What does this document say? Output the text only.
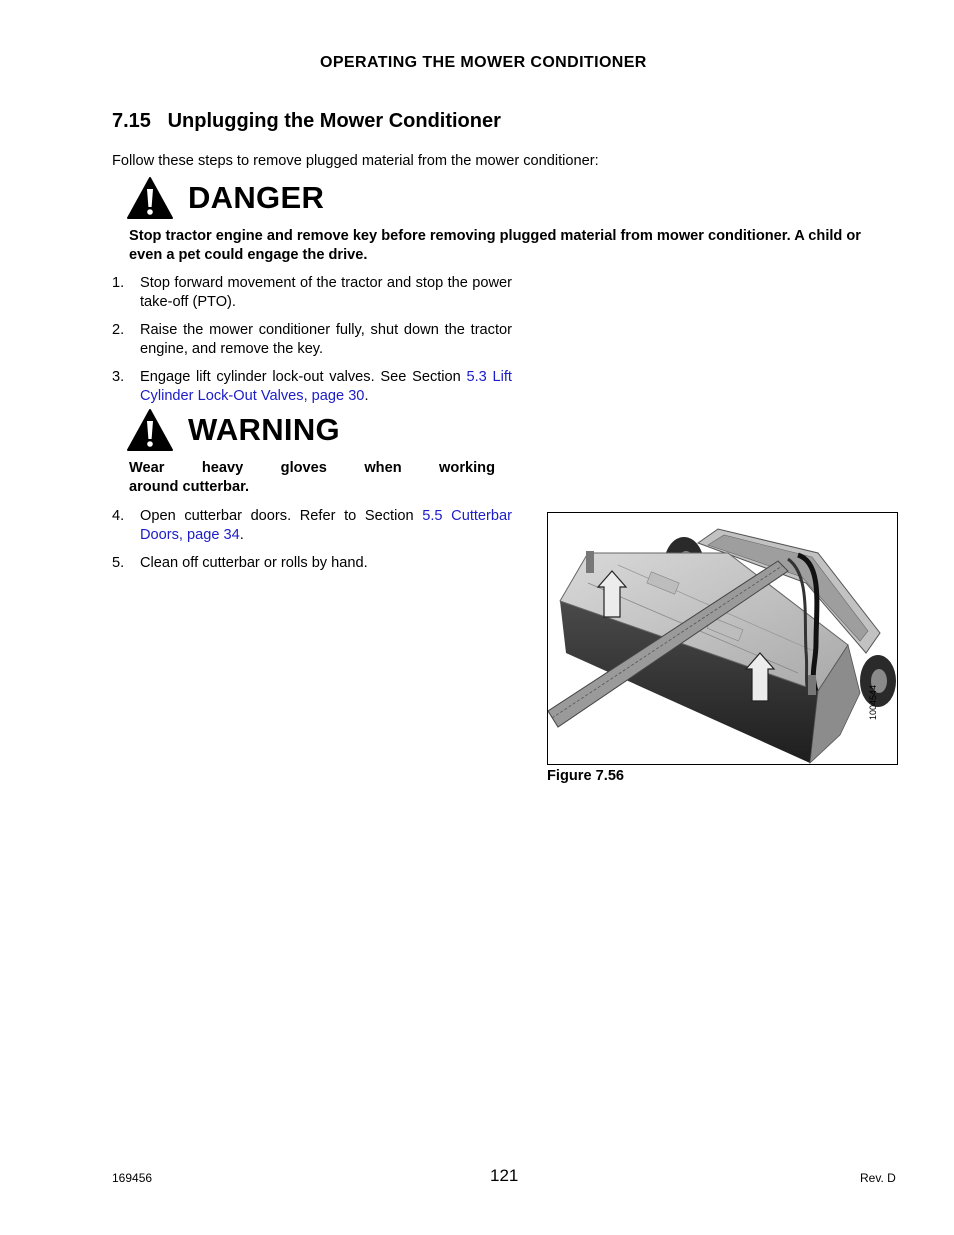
OPERATING THE MOWER CONDITIONER
7.15 Unplugging the Mower Conditioner
Follow these steps to remove plugged material from the mower conditioner:
DANGER
Stop tractor engine and remove key before removing plugged material from mower conditioner. A child or even a pet could engage the drive.
1.	Stop forward movement of the tractor and stop the power take-off (PTO).
2.	Raise the mower conditioner fully, shut down the tractor engine, and remove the key.
3.	Engage lift cylinder lock-out valves. See Section 5.3 Lift Cylinder Lock-Out Valves, page 30.
WARNING
Wear	heavy	gloves	when	working
around cutterbar.
4.	Open cutterbar doors. Refer to Section 5.5 Cutterbar Doors, page 34.
5.	Clean off cutterbar or rolls by hand.
1004544
Figure 7.56
169456	121	Rev. D
